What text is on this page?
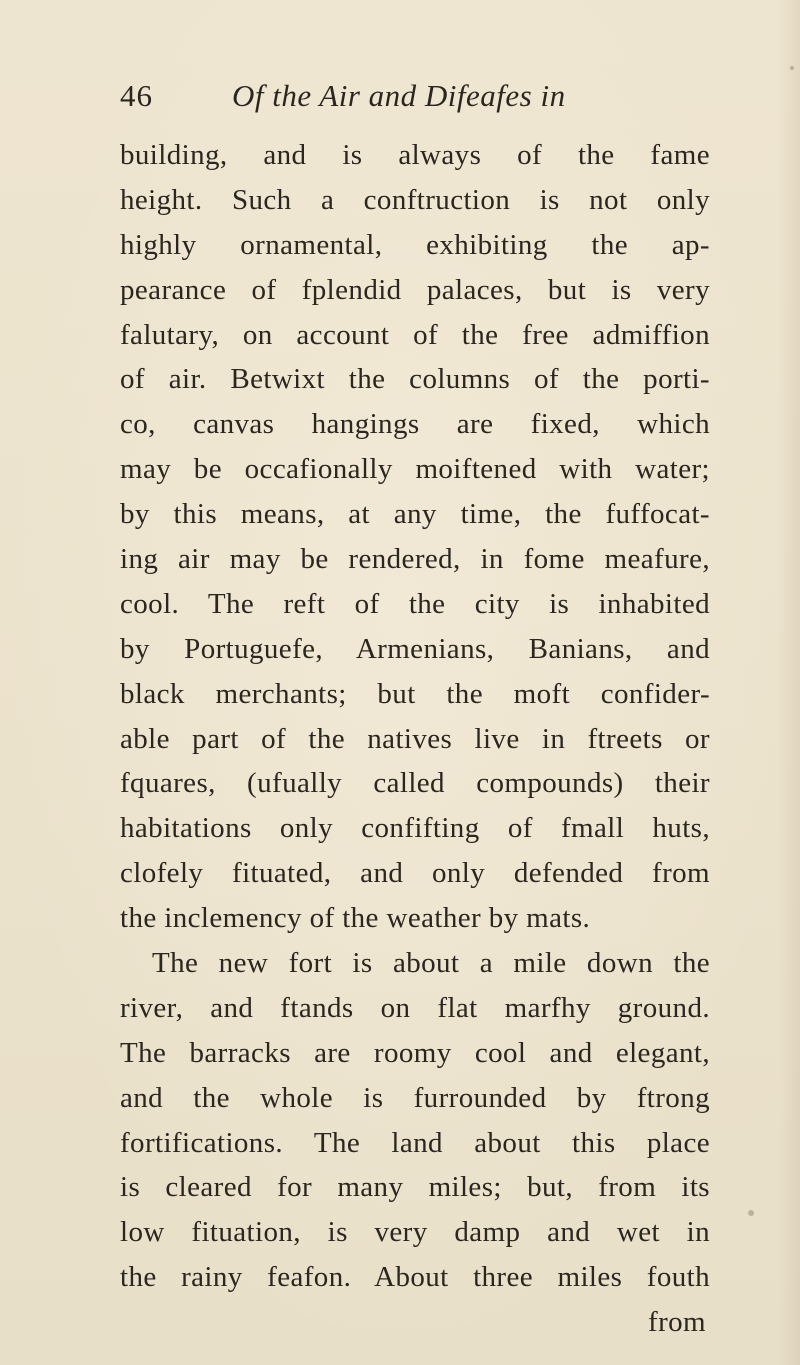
46	Of the Air and Difeafes in
building, and is always of the fame
height. Such a conftruction is not only
highly ornamental, exhibiting the ap-
pearance of fplendid palaces, but is very
falutary, on account of the free admiffion
of air. Betwixt the columns of the porti-
co, canvas hangings are fixed, which
may be occafionally moiftened with water;
by this means, at any time, the fuffocat-
ing air may be rendered, in fome meafure,
cool. The reft of the city is inhabited
by Portuguefe, Armenians, Banians, and
black merchants; but the moft confider-
able part of the natives live in ftreets or
fquares, (ufually called compounds) their
habitations only confifting of fmall huts,
clofely fituated, and only defended from
the inclemency of the weather by mats.
The new fort is about a mile down the
river, and ftands on flat marfhy ground.
The barracks are roomy cool and elegant,
and the whole is furrounded by ftrong
fortifications. The land about this place
is cleared for many miles; but, from its
low fituation, is very damp and wet in
the rainy feafon. About three miles fouth
from
